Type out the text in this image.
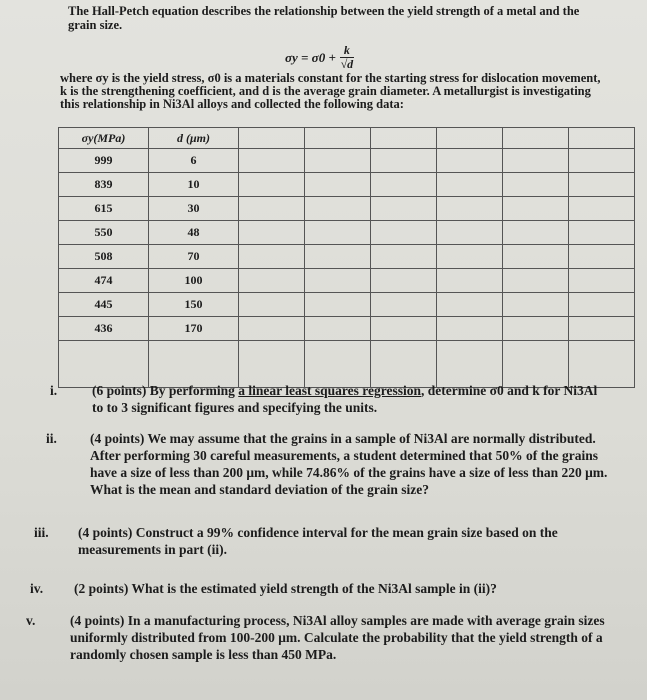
The Hall-Petch equation describes the relationship between the yield strength of a metal and the grain size.
$\sigma y = \sigma 0 + \frac{k}{√d}$
where σy is the yield stress, σ0 is a materials constant for the starting stress for dislocation movement, k is the strengthening coefficient, and d is the average grain diameter. A metallurgist is investigating this relationship in Ni3Al alloys and collected the following data:
σy(MPa)	d (μm)						
999	6						
839	10						
615	30						
550	48						
508	70						
474	100						
445	150						
436	170						

i.	(6 points) By performing a linear least squares regression, determine σ0 and k for Ni3Al to to 3 significant figures and specifying the units.
ii. (4 points) We may assume that the grains in a sample of Ni3Al are normally distributed. After performing 30 careful measurements, a student determined that 50% of the grains have a size of less than 200 μm, while 74.86% of the grains have a size of less than 220 μm. What is the mean and standard deviation of the grain size?
iii. (4 points) Construct a 99% confidence interval for the mean grain size based on the measurements in part (ii).
iv. (2 points) What is the estimated yield strength of the Ni3Al sample in (ii)?
v.	(4 points) In a manufacturing process, Ni3Al alloy samples are made with average grain sizes uniformly distributed from 100-200 μm. Calculate the probability that the yield strength of a randomly chosen sample is less than 450 MPa.
